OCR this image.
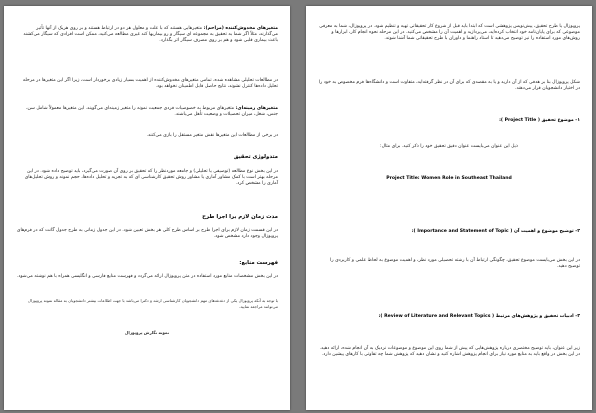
متغیرهای مخدوش‌کننده (مزاحم): متغیرهایی هستند که با علت و معلول هر دو در ارتباط هستند و بر روی هریک از آنها تأثیر می‌گذارند، مثلاً اگر شما به تحقیق به مجموعه ‌ای سیگار و رو بیماریها کند غیری مطالعه می‌کنید، ممکن است افرادی که سیگار می‌کشند باعث بیماری قلبی شود و هم بر روی مصرف سیگار اثر بگذارد.
در مطالعات تحلیلی مشاهده شده، تمامی متغیرهای مخدوش‌کننده از اهمیت بسیار زیادی برخوردار است، زیرا اگر این متغیرها در مرحله تحلیل داده‌ها کنترل نشوند، نتایج حاصل قابل اطمینان نخواهد بود.
متغیرهای زمینه‌ای: متغیرهای مربوط به خصوصیات فردی جمعیت نمونه را متغیر زمینه‌ای می‌گویند. این متغیرها معمولاً شامل سن، جنس، شغل، میزان تحصیلات و وضعیت تأهل می‌باشند.
در برخی از مطالعات این متغیرها نقش متغیر مستقل را بازی می‌کنند.
متدولوژی تحقیق
در این بخش نوع مطالعه (توصیفی یا تحلیلی) و جامعه موردنظر را که تحقیق بر روی آن صورت می‌گیرد، باید توضیح داده شود. در این مرحله بهتر است با کمک مشاور آماری یا مشاور روش تحقیق کارشناسی ‌ای که به تجزیه و تحلیل داده‌ها، حجم نمونه و روش تحلیل‌های آماری را مشخص کرد.
مدت زمان لازم برا اجرا طرح
در این قسمت زمان لازم برای اجرا طرح بر اساس طرح کلی هر بخش تعیین شود. در این جدول زمانی به طرح جدول گانت که در فرم‌های پروپوزال وجود دارد مشخص شود.
فهرست منابع:
در این بخش مشخصات منابع مورد استفاده در متن پروپوزال ارائه می‌گردد و فهرست منابع فارسی و انگلیسی همراه با هم نوشته می‌شود.
با توجه به آنکه پروپوزال یکی از دغدغه‌های مهم دانشجویان کارشناسی ارشد و دکترا می‌باشد با جهت اطلاعات بیشتر دانشجویان به مقاله نمونه پروپوزال می‌توانند مراجعه نمایید.
نمونه نگارش پروپوزال
پروپوزال یا طرح تحقیق، پیش‌نویس پژوهشی است که ابتدا باید قبل از شروع کار تحقیقاتی تهیه و تنظیم شود. در پروپوزال، شما به معرفی موضوعی که برای پایان‌نامه خود انتخاب کرده‌اید، می‌پردازید و اهمیت آن را مشخص می‌کنید. در این مرحله نحوه انجام کار، ابزارها و روش‌های مورد استفاده را نیز توضیح می‌دهید تا استاد راهنما و داوران با طرح تحقیقاتی شما آشنا شوند.
شکل پروپوزال بنا بر هدفی که از آن دارید و یا به مقصدی که برای آن در نظر گرفته‌اید، متفاوت است و دانشگاه‌ها فرم مخصوص به خود را در اختیار دانشجویان قرار می‌دهند.
۱- موضوع تحقیق ( Project Title ):
ذیل این عنوان می‌بایست عنوان دقیق تحقیق خود را ذکر کنید. برای مثال:
Project Title: Women Role in Southeast Thailand
۲- توضیح موضوع و اهمیت آن ( Importance and Statement of Topic ):
در این بخش می‌بایست موضوع تحقیق، چگونگی ارتباط آن با رشته تحصیلی مورد نظر، و اهمیت موضوع به لحاظ علمی و کاربردی را توضیح دهید.
۳- ادبیات تحقیق و پژوهش‌های مرتبط ( Review of Literature and Relevant Topics ):
زیر این عنوان، باید توضیح مختصری درباره پژوهش‌هایی که پیش از شما روی این موضوع و موضوعات نزدیک به آن انجام شده، ارائه دهید. در این بخش در واقع باید به منابع مورد نیاز برای انجام پژوهش اشاره کنید و نشان دهید که پژوهش شما چه تفاوتی با کارهای پیشین دارد.
